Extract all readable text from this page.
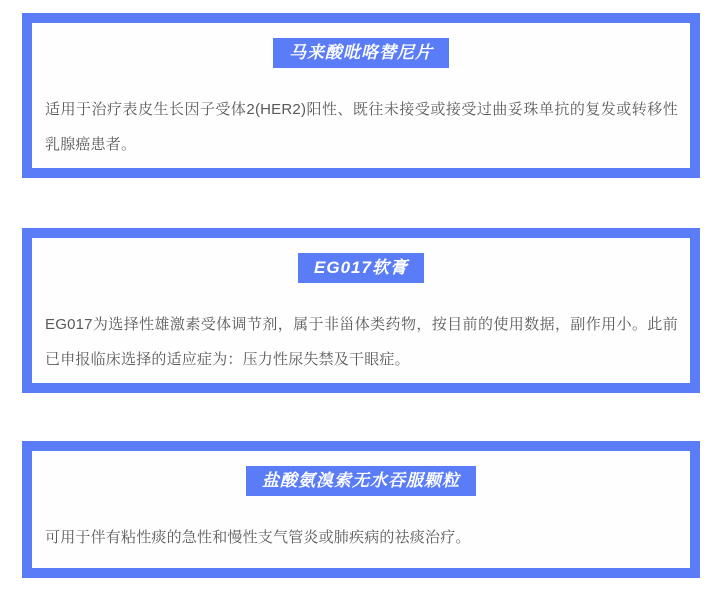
马来酸吡咯替尼片

适用于治疗表皮生长因子受体2(HER2)阳性、既往未接受或接受过曲妥珠单抗的复发或转移性乳腺癌患者。

EG017软膏

EG017为选择性雄激素受体调节剂，属于非甾体类药物，按目前的使用数据，副作用小。此前已申报临床选择的适应症为：压力性尿失禁及干眼症。

盐酸氨溴索无水吞服颗粒

可用于伴有粘性痰的急性和慢性支气管炎或肺疾病的祛痰治疗。
